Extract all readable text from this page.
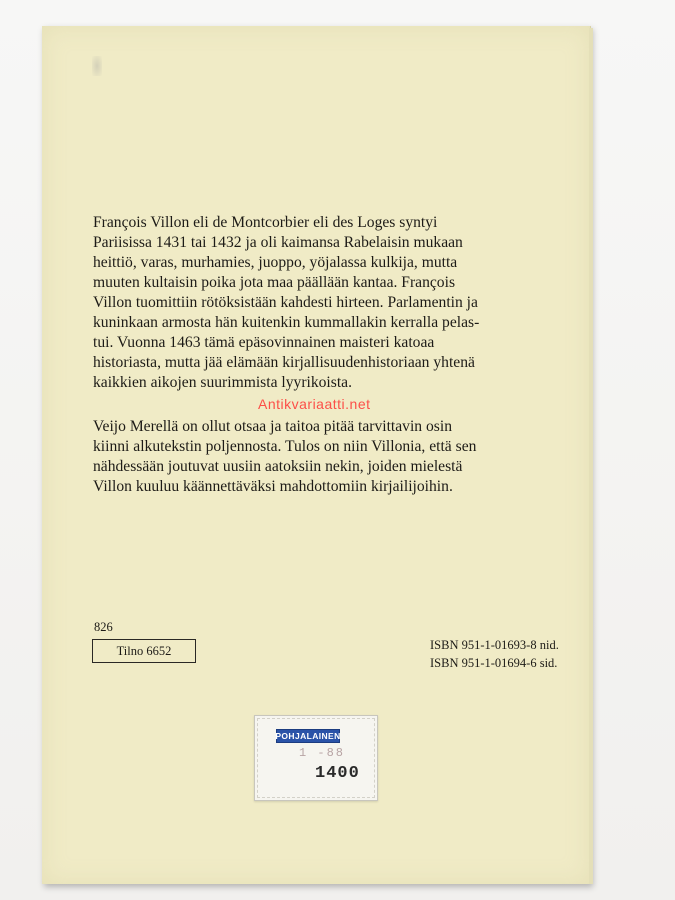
François Villon eli de Montcorbier eli des Loges syntyi
Pariisissa 1431 tai 1432 ja oli kaimansa Rabelaisin mukaan
heittiö, varas, murhamies, juoppo, yöjalassa kulkija, mutta
muuten kultaisin poika jota maa päällään kantaa. François
Villon tuomittiin rötöksistään kahdesti hirteen. Parlamentin ja
kuninkaan armosta hän kuitenkin kummallakin kerralla pelas-
tui. Vuonna 1463 tämä epäsovinnainen maisteri katoaa
historiasta, mutta jää elämään kirjallisuudenhistoriaan yhtenä
kaikkien aikojen suurimmista lyyrikoista.
Veijo Merellä on ollut otsaa ja taitoa pitää tarvittavin osin
kiinni alkutekstin poljennosta. Tulos on niin Villonia, että sen
nähdessään joutuvat uusiin aatoksiin nekin, joiden mielestä
Villon kuuluu käännettäväksi mahdottomiin kirjailijoihin.
826
Tilno 6652	ISBN 951-1-01693-8 nid.
ISBN 951-1-01694-6 sid.
POHJALAINEN
1 -88
1400
Antikvariaatti.net
